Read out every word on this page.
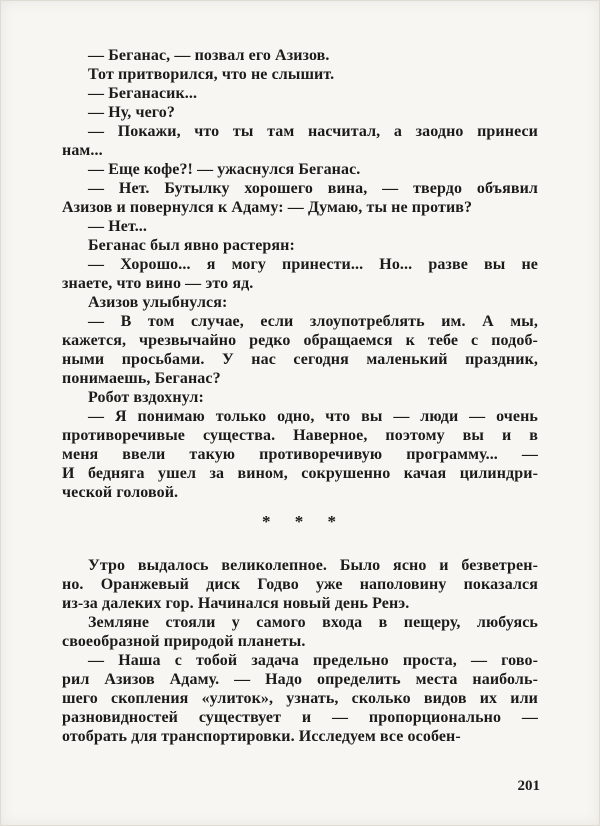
— Беганас, — позвал его Азизов.
Тот притворился, что не слышит.
— Беганасик...
— Ну, чего?
— Покажи, что ты там насчитал, а заодно принеси
нам...
— Еще кофе?! — ужаснулся Беганас.
— Нет. Бутылку хорошего вина, — твердо объявил
Азизов и повернулся к Адаму: — Думаю, ты не против?
— Нет...
Беганас был явно растерян:
— Хорошо... я могу принести... Но... разве вы не
знаете, что вино — это яд.
Азизов улыбнулся:
— В том случае, если злоупотреблять им. А мы,
кажется, чрезвычайно редко обращаемся к тебе с подоб-
ными просьбами. У нас сегодня маленький праздник,
понимаешь, Беганас?
Робот вздохнул:
— Я понимаю только одно, что вы — люди — очень
противоречивые существа. Наверное, поэтому вы и в
меня ввели такую противоречивую программу... —
И бедняга ушел за вином, сокрушенно качая цилиндри-
ческой головой.
* * *
Утро выдалось великолепное. Было ясно и безветрен-
но. Оранжевый диск Годво уже наполовину показался
из-за далеких гор. Начинался новый день Ренэ.
Земляне стояли у самого входа в пещеру, любуясь
своеобразной природой планеты.
— Наша с тобой задача предельно проста, — гово-
рил Азизов Адаму. — Надо определить места наиболь-
шего скопления «улиток», узнать, сколько видов их или
разновидностей существует и — пропорционально —
отобрать для транспортировки. Исследуем все особен-
201
